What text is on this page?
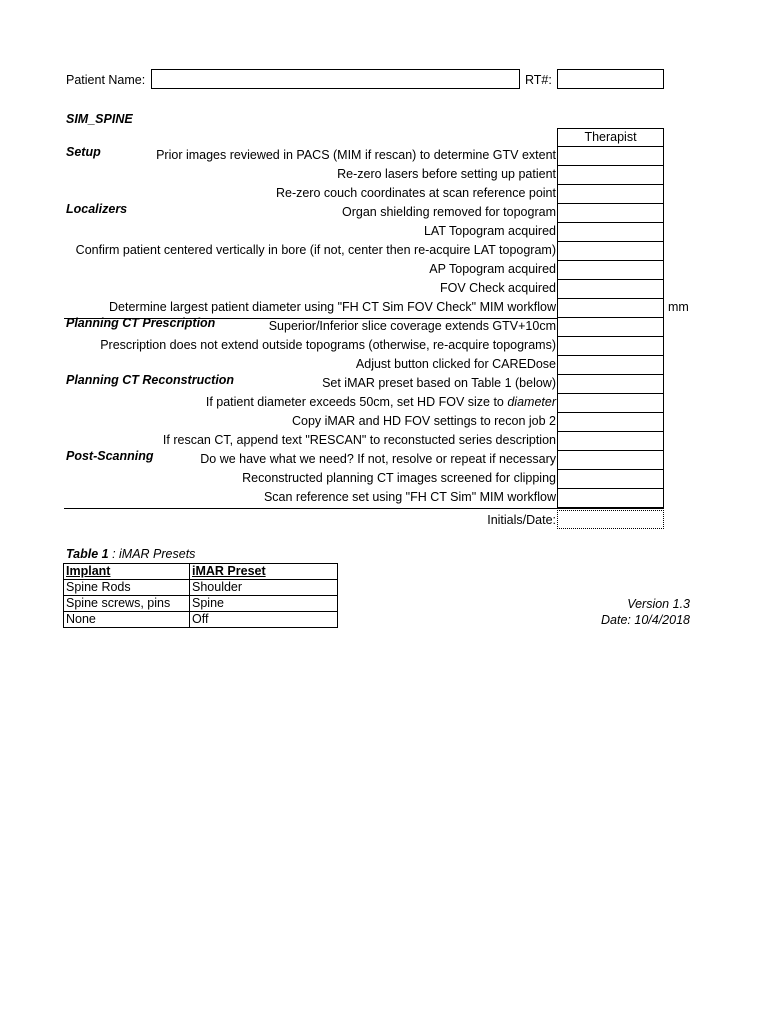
Patient Name:	RT#:
SIM_SPINE
Therapist
Setup	Prior images reviewed in PACS (MIM if rescan) to determine GTV extent
Re-zero lasers before setting up patient
Re-zero couch coordinates at scan reference point
Localizers	Organ shielding removed for topogram
LAT Topogram acquired
Confirm patient centered vertically in bore (if not, center then re-acquire LAT topogram)
AP Topogram acquired
FOV Check acquired
Determine largest patient diameter using "FH CT Sim FOV Check" MIM workflow	mm
Planning CT Prescription	Superior/Inferior slice coverage extends GTV+10cm
Prescription does not extend outside topograms (otherwise, re-acquire topograms)
Adjust button clicked for CAREDose
Planning CT Reconstruction	Set iMAR preset based on Table 1 (below)
If patient diameter exceeds 50cm, set HD FOV size to diameter
Copy iMAR and HD FOV settings to recon job 2
If rescan CT, append text "RESCAN" to reconstucted series description
Post-Scanning	Do we have what we need? If not, resolve or repeat if necessary
Reconstructed planning CT images screened for clipping
Scan reference set using "FH CT Sim" MIM workflow
Initials/Date:
Table 1 : iMAR Presets
Implant	iMAR Preset
Spine Rods	Shoulder
Spine screws, pins	Spine
None	Off
Version 1.3
Date: 10/4/2018
